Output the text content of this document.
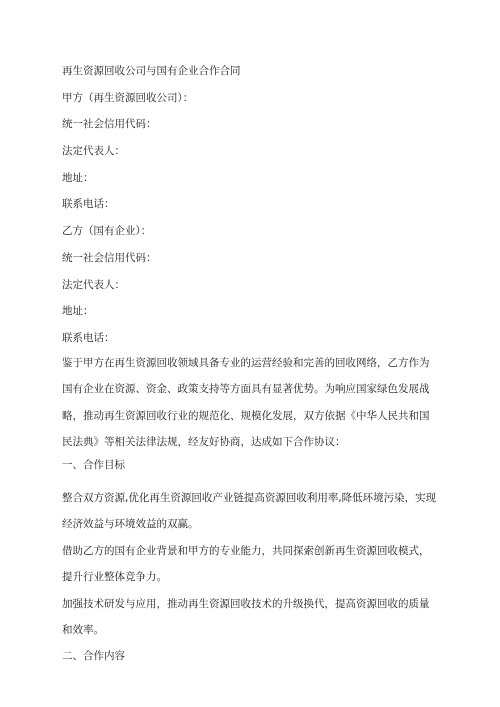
再生资源回收公司与国有企业合作合同
甲方（再生资源回收公司）：
统一社会信用代码：
法定代表人：
地址：
联系电话：
乙方（国有企业）：
统一社会信用代码：
法定代表人：
地址：
联系电话：
鉴于甲方在再生资源回收领域具备专业的运营经验和完善的回收网络，乙方作为国有企业在资源、资金、政策支持等方面具有显著优势。为响应国家绿色发展战略，推动再生资源回收行业的规范化、规模化发展，双方依据《中华人民共和国民法典》等相关法律法规，经友好协商，达成如下合作协议：
一、合作目标
整合双方资源,优化再生资源回收产业链提高资源回收利用率,降低环境污染，实现经济效益与环境效益的双赢。
借助乙方的国有企业背景和甲方的专业能力，共同探索创新再生资源回收模式，提升行业整体竞争力。
加强技术研发与应用，推动再生资源回收技术的升级换代，提高资源回收的质量和效率。
二、合作内容
